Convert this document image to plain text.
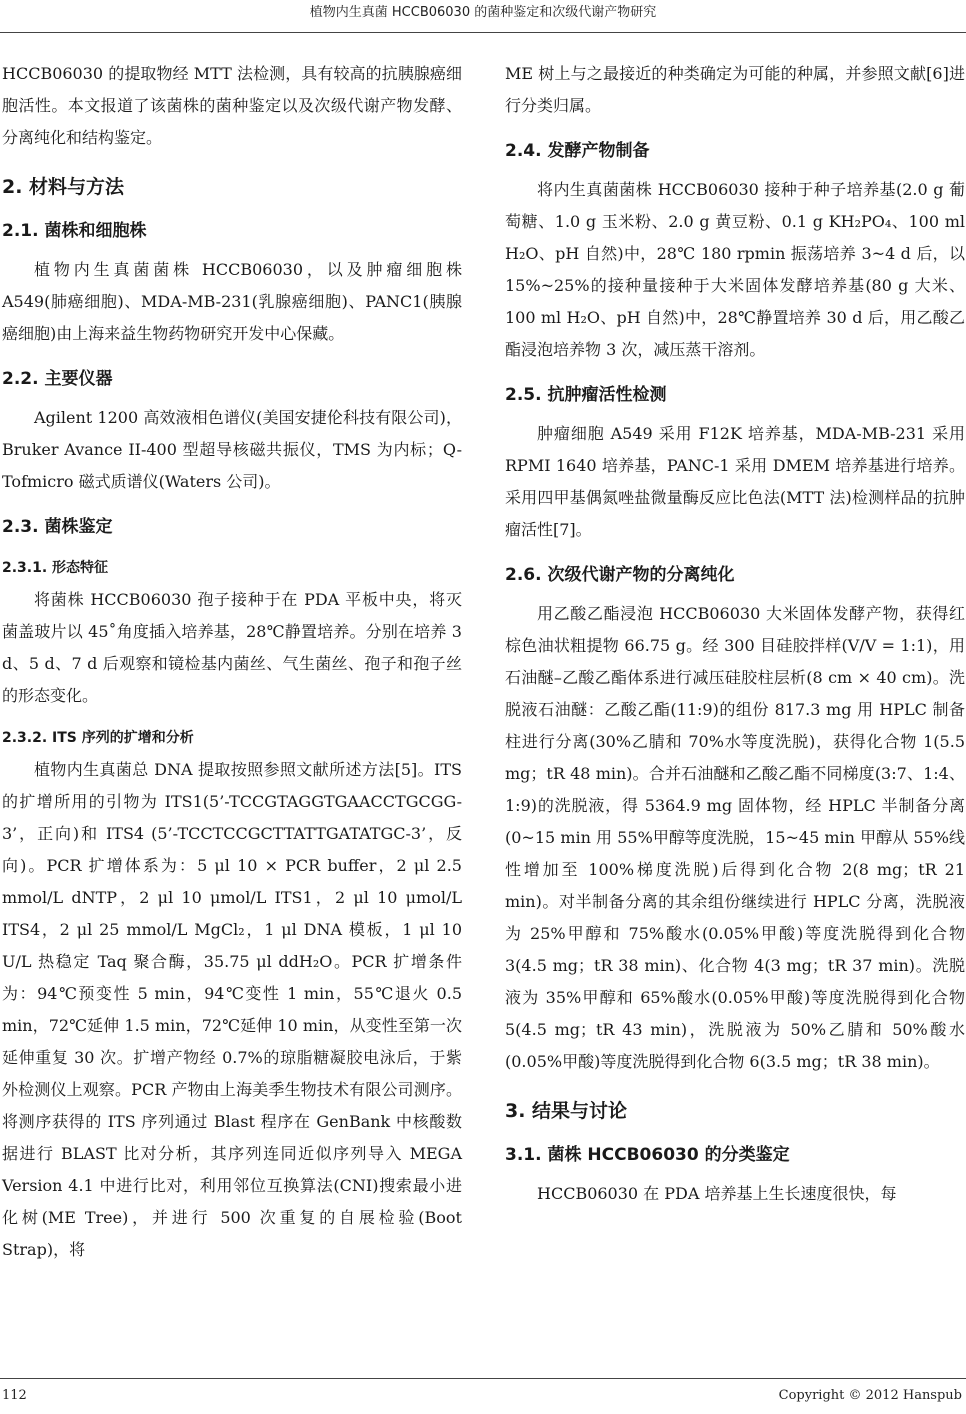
植物内生真菌 HCCB06030 的菌种鉴定和次级代谢产物研究

HCCB06030 的提取物经 MTT 法检测，具有较高的抗胰腺癌细胞活性。本文报道了该菌株的菌种鉴定以及次级代谢产物发酵、分离纯化和结构鉴定。

2. 材料与方法
2.1. 菌株和细胞株

植物内生真菌菌株 HCCB06030，以及肿瘤细胞株 A549(肺癌细胞)、MDA-MB-231(乳腺癌细胞)、PANC1(胰腺癌细胞)由上海来益生物药物研究开发中心保藏。

2.2. 主要仪器

Agilent 1200 高效液相色谱仪(美国安捷伦科技有限公司)，Bruker Avance II-400 型超导核磁共振仪，TMS 为内标；Q-Tofmicro 磁式质谱仪(Waters 公司)。

2.3. 菌株鉴定
2.3.1. 形态特征

将菌株 HCCB06030 孢子接种于在 PDA 平板中央，将灭菌盖玻片以 45˚角度插入培养基，28℃静置培养。分别在培养 3 d、5 d、7 d 后观察和镜检基内菌丝、气生菌丝、孢子和孢子丝的形态变化。

2.3.2. ITS 序列的扩增和分析

植物内生真菌总 DNA 提取按照参照文献所述方法[5]。ITS 的扩增所用的引物为 ITS1(5’-TCCGTAGGTGAACCTGCGG-3’，正向)和 ITS4 (5’-TCCTCCGCTTATTGATATGC-3’，反向)。PCR 扩增体系为：5 μl 10 × PCR buffer，2 μl 2.5 mmol/L dNTP，2 μl 10 μmol/L ITS1，2 μl 10 μmol/L ITS4，2 μl 25 mmol/L MgCl₂，1 μl DNA 模板，1 μl 10 U/L 热稳定 Taq 聚合酶，35.75 μl ddH₂O。PCR 扩增条件为：94℃预变性 5 min，94℃变性 1 min，55℃退火 0.5 min，72℃延伸 1.5 min，72℃延伸 10 min，从变性至第一次延伸重复 30 次。扩增产物经 0.7%的琼脂糖凝胶电泳后，于紫外检测仪上观察。PCR 产物由上海美季生物技术有限公司测序。将测序获得的 ITS 序列通过 Blast 程序在 GenBank 中核酸数据进行 BLAST 比对分析，其序列连同近似序列导入 MEGA Version 4.1 中进行比对，利用邻位互换算法(CNI)搜索最小进化树(ME Tree)，并进行 500 次重复的自展检验(Boot Strap)，将

ME 树上与之最接近的种类确定为可能的种属，并参照文献[6]进行分类归属。

2.4. 发酵产物制备

将内生真菌菌株 HCCB06030 接种于种子培养基(2.0 g 葡萄糖、1.0 g 玉米粉、2.0 g 黄豆粉、0.1 g KH₂PO₄、100 ml H₂O、pH 自然)中，28℃ 180 rpmin 振荡培养 3~4 d 后，以 15%~25%的接种量接种于大米固体发酵培养基(80 g 大米、100 ml H₂O、pH 自然)中，28℃静置培养 30 d 后，用乙酸乙酯浸泡培养物 3 次，减压蒸干溶剂。

2.5. 抗肿瘤活性检测

肿瘤细胞 A549 采用 F12K 培养基，MDA-MB-231 采用 RPMI 1640 培养基，PANC-1 采用 DMEM 培养基进行培养。采用四甲基偶氮唑盐微量酶反应比色法(MTT 法)检测样品的抗肿瘤活性[7]。

2.6. 次级代谢产物的分离纯化

用乙酸乙酯浸泡 HCCB06030 大米固体发酵产物，获得红棕色油状粗提物 66.75 g。经 300 目硅胶拌样(V/V = 1:1)，用石油醚–乙酸乙酯体系进行减压硅胶柱层析(8 cm × 40 cm)。洗脱液石油醚：乙酸乙酯(11:9)的组份 817.3 mg 用 HPLC 制备柱进行分离(30%乙腈和 70%水等度洗脱)，获得化合物 1(5.5 mg；tR 48 min)。合并石油醚和乙酸乙酯不同梯度(3:7、1:4、1:9)的洗脱液，得 5364.9 mg 固体物，经 HPLC 半制备分离(0~15 min 用 55%甲醇等度洗脱，15~45 min 甲醇从 55%线性增加至 100%梯度洗脱)后得到化合物 2(8 mg；tR 21 min)。对半制备分离的其余组份继续进行 HPLC 分离，洗脱液为 25%甲醇和 75%酸水(0.05%甲酸)等度洗脱得到化合物 3(4.5 mg；tR 38 min)、化合物 4(3 mg；tR 37 min)。洗脱液为 35%甲醇和 65%酸水(0.05%甲酸)等度洗脱得到化合物 5(4.5 mg；tR 43 min)，洗脱液为 50%乙腈和 50%酸水(0.05%甲酸)等度洗脱得到化合物 6(3.5 mg；tR 38 min)。

3. 结果与讨论
3.1. 菌株 HCCB06030 的分类鉴定

HCCB06030 在 PDA 培养基上生长速度很快，每

112	Copyright © 2012 Hanspub
